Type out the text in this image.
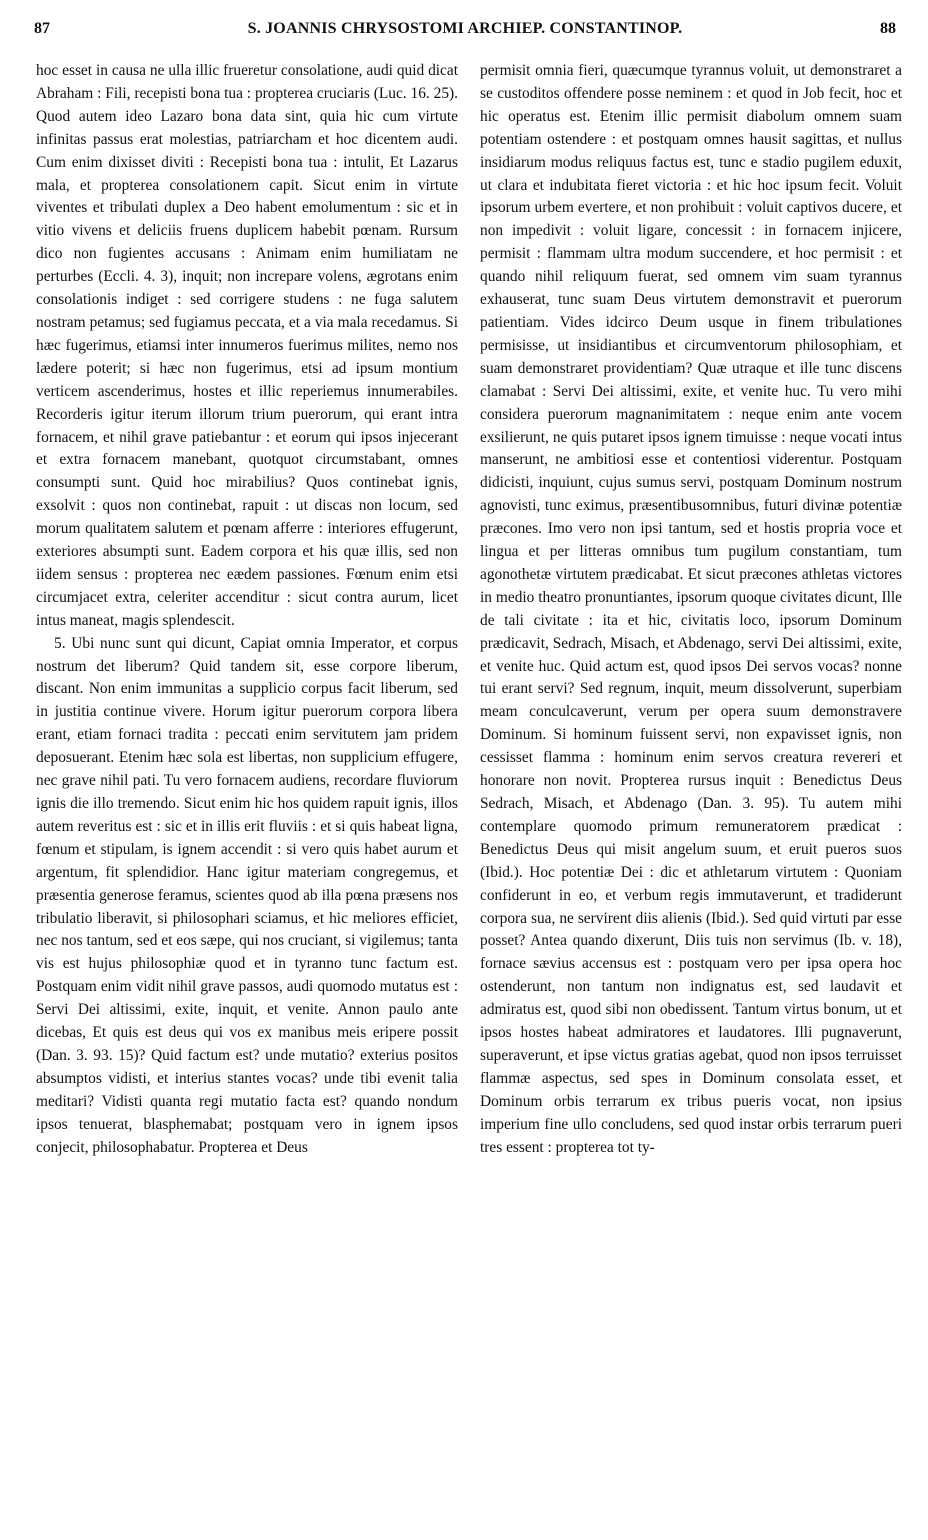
87	S. JOANNIS CHRYSOSTOMI ARCHIEP. CONSTANTINOP.	88

hoc esset in causa ne ulla illic frueretur consolatione, audi quid dicat Abraham : Fili, recepisti bona tua : propterea cruciaris (Luc. 16. 25). Quod autem ideo Lazaro bona data sint, quia hic cum virtute infinitas passus erat molestias, patriarcham et hoc dicentem audi. Cum enim dixisset diviti : Recepisti bona tua : intulit, Et Lazarus mala, et propterea consolationem capit. Sicut enim in virtute viventes et tribulati duplex a Deo habent emolumentum : sic et in vitio vivens et deliciis fruens duplicem habebit pœnam. Rursum dico non fugientes accusans : Animam enim humiliatam ne perturbes (Eccli. 4. 3), inquit; non increpare volens, ægrotans enim consolationis indiget : sed corrigere studens : ne fuga salutem nostram petamus; sed fugiamus peccata, et a via mala recedamus. Si hæc fugerimus, etiamsi inter innumeros fuerimus milites, nemo nos lædere poterit; si hæc non fugerimus, etsi ad ipsum montium verticem ascenderimus, hostes et illic reperiemus innumerabiles. Recorderis igitur iterum illorum trium puerorum, qui erant intra fornacem, et nihil grave patiebantur : et eorum qui ipsos injecerant et extra fornacem manebant, quotquot circumstabant, omnes consumpti sunt. Quid hoc mirabilius? Quos continebat ignis, exsolvit : quos non continebat, rapuit : ut discas non locum, sed morum qualitatem salutem et pœnam afferre : interiores effugerunt, exteriores absumpti sunt. Eadem corpora et his quæ illis, sed non iidem sensus : propterea nec eædem passiones. Fœnum enim etsi circumjacet extra, celeriter accenditur : sicut contra aurum, licet intus maneat, magis splendescit.

5. Ubi nunc sunt qui dicunt, Capiat omnia Imperator, et corpus nostrum det liberum? Quid tandem sit, esse corpore liberum, discant. Non enim immunitas a supplicio corpus facit liberum, sed in justitia continue vivere. Horum igitur puerorum corpora libera erant, etiam fornaci tradita : peccati enim servitutem jam pridem deposuerant. Etenim hæc sola est libertas, non supplicium effugere, nec grave nihil pati. Tu vero fornacem audiens, recordare fluviorum ignis die illo tremendo. Sicut enim hic hos quidem rapuit ignis, illos autem reveritus est : sic et in illis erit fluviis : et si quis habeat ligna, fœnum et stipulam, is ignem accendit : si vero quis habet aurum et argentum, fit splendidior. Hanc igitur materiam congregemus, et præsentia generose feramus, scientes quod ab illa pœna præsens nos tribulatio liberavit, si philosophari sciamus, et hic meliores efficiet, nec nos tantum, sed et eos sæpe, qui nos cruciant, si vigilemus; tanta vis est hujus philosophiæ quod et in tyranno tunc factum est. Postquam enim vidit nihil grave passos, audi quomodo mutatus est : Servi Dei altissimi, exite, inquit, et venite. Annon paulo ante dicebas, Et quis est deus qui vos ex manibus meis eripere possit (Dan. 3. 93. 15)? Quid factum est? unde mutatio? exterius positos absumptos vidisti, et interius stantes vocas? unde tibi evenit talia meditari? Vidisti quanta regi mutatio facta est? quando nondum ipsos tenuerat, blasphemabat; postquam vero in ignem ipsos conjecit, philosophabatur. Propterea et Deus

permisit omnia fieri, quæcumque tyrannus voluit, ut demonstraret a se custoditos offendere posse neminem : et quod in Job fecit, hoc et hic operatus est. Etenim illic permisit diabolum omnem suam potentiam ostendere : et postquam omnes hausit sagittas, et nullus insidiarum modus reliquus factus est, tunc e stadio pugilem eduxit, ut clara et indubitata fieret victoria : et hic hoc ipsum fecit. Voluit ipsorum urbem evertere, et non prohibuit : voluit captivos ducere, et non impedivit : voluit ligare, concessit : in fornacem injicere, permisit : flammam ultra modum succendere, et hoc permisit : et quando nihil reliquum fuerat, sed omnem vim suam tyrannus exhauserat, tunc suam Deus virtutem demonstravit et puerorum patientiam. Vides idcirco Deum usque in finem tribulationes permisisse, ut insidiantibus et circumventorum philosophiam, et suam demonstraret providentiam? Quæ utraque et ille tunc discens clamabat : Servi Dei altissimi, exite, et venite huc. Tu vero mihi considera puerorum magnanimitatem : neque enim ante vocem exsilierunt, ne quis putaret ipsos ignem timuisse : neque vocati intus manserunt, ne ambitiosi esse et contentiosi viderentur. Postquam didicisti, inquiunt, cujus sumus servi, postquam Dominum nostrum agnovisti, tunc eximus, præsentibusomnibus, futuri divinæ potentiæ præcones. Imo vero non ipsi tantum, sed et hostis propria voce et lingua et per litteras omnibus tum pugilum constantiam, tum agonothetæ virtutem prædicabat. Et sicut præcones athletas victores in medio theatro pronuntiantes, ipsorum quoque civitates dicunt, Ille de tali civitate : ita et hic, civitatis loco, ipsorum Dominum prædicavit, Sedrach, Misach, et Abdenago, servi Dei altissimi, exite, et venite huc. Quid actum est, quod ipsos Dei servos vocas? nonne tui erant servi? Sed regnum, inquit, meum dissolverunt, superbiam meam conculcaverunt, verum per opera suum demonstravere Dominum. Si hominum fuissent servi, non expavisset ignis, non cessisset flamma : hominum enim servos creatura revereri et honorare non novit. Propterea rursus inquit : Benedictus Deus Sedrach, Misach, et Abdenago (Dan. 3. 95). Tu autem mihi contemplare quomodo primum remuneratorem prædicat : Benedictus Deus qui misit angelum suum, et eruit pueros suos (Ibid.). Hoc potentiæ Dei : dic et athletarum virtutem : Quoniam confiderunt in eo, et verbum regis immutaverunt, et tradiderunt corpora sua, ne servirent diis alienis (Ibid.). Sed quid virtuti par esse posset? Antea quando dixerunt, Diis tuis non servimus (Ib. v. 18), fornace sævius accensus est : postquam vero per ipsa opera hoc ostenderunt, non tantum non indignatus est, sed laudavit et admiratus est, quod sibi non obedissent. Tantum virtus bonum, ut et ipsos hostes habeat admiratores et laudatores. Illi pugnaverunt, superaverunt, et ipse victus gratias agebat, quod non ipsos terruisset flammæ aspectus, sed spes in Dominum consolata esset, et Dominum orbis terrarum ex tribus pueris vocat, non ipsius imperium fine ullo concludens, sed quod instar orbis terrarum pueri tres essent : propterea tot ty-
